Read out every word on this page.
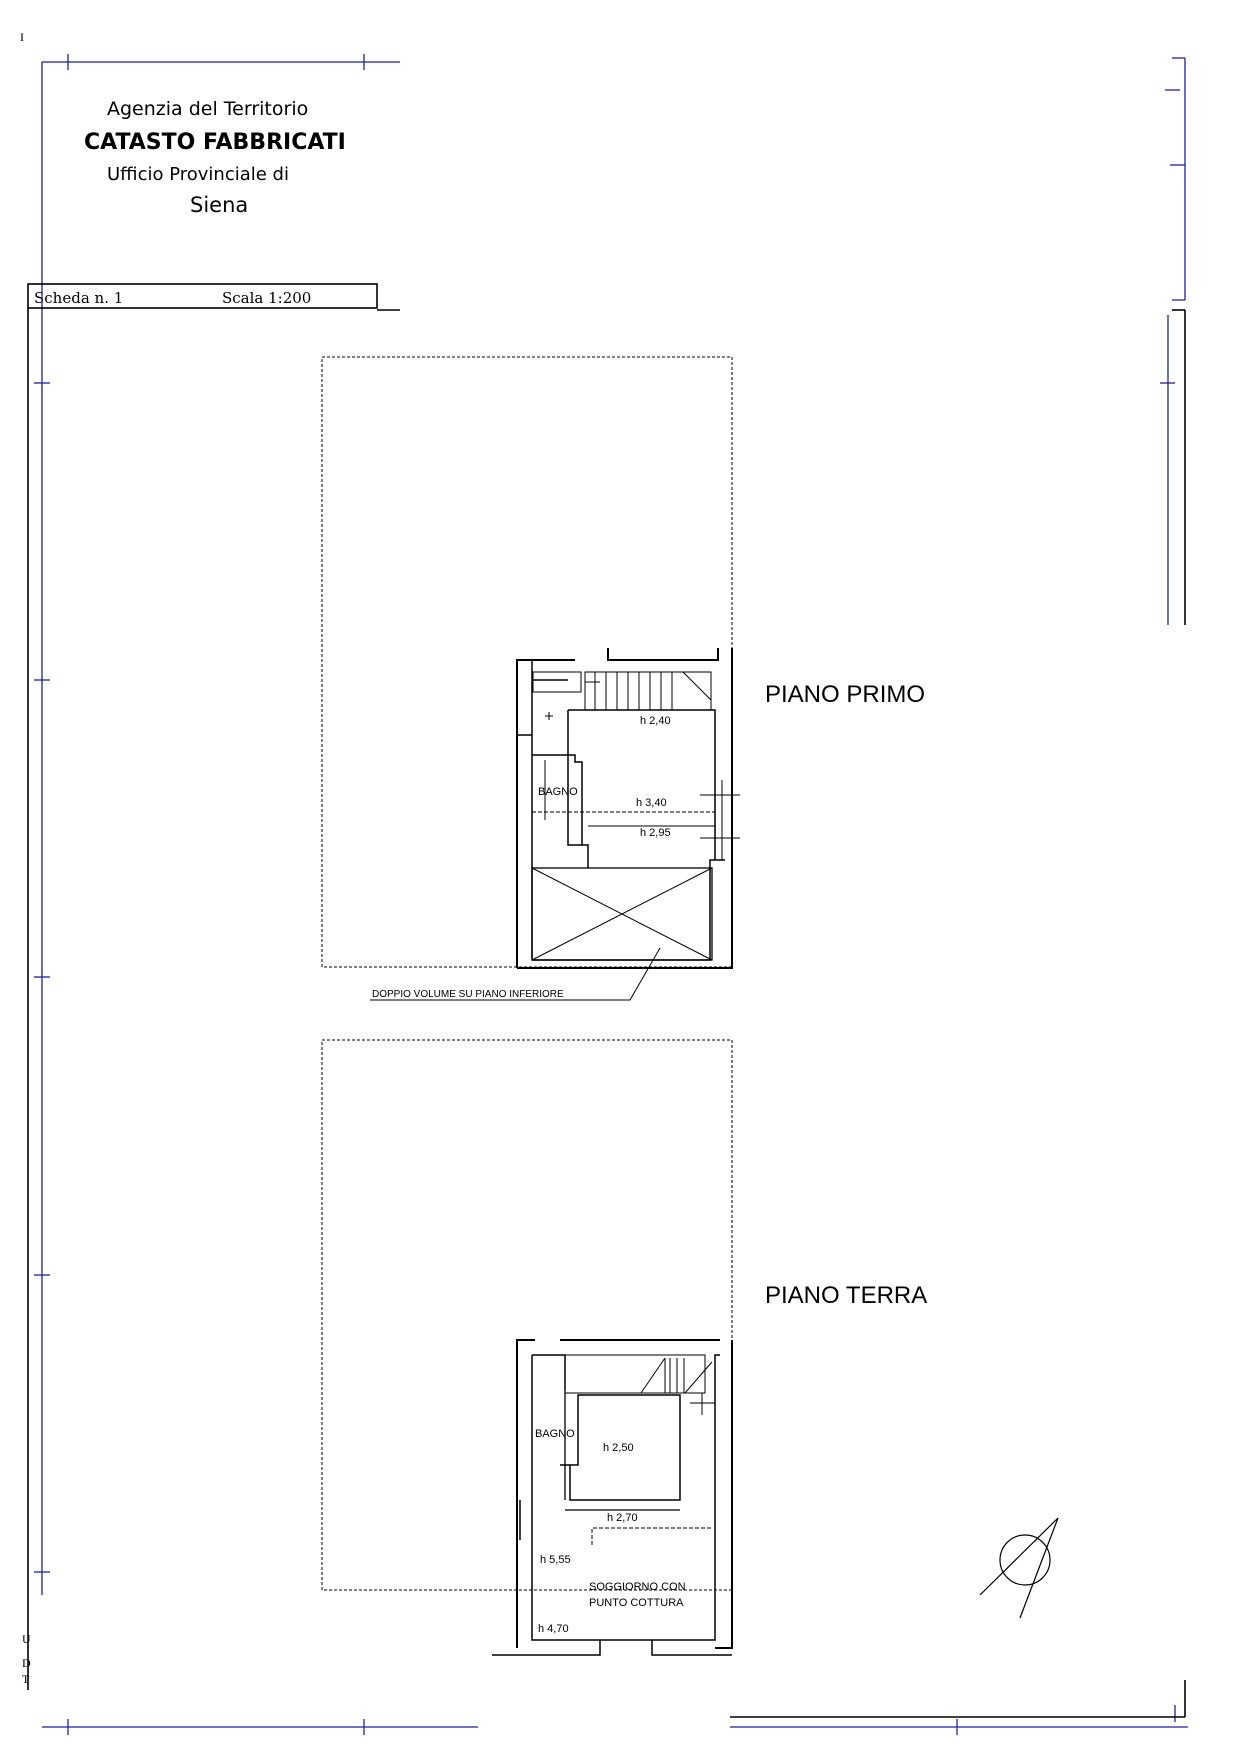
Agenzia del Territorio
CATASTO FABBRICATI
Ufficio Provinciale di
Siena
Scheda n. 1	Scala 1:200
I
U
D
T
PIANO PRIMO
BAGNO
h 2,40
h 3,40
h 2,95
DOPPIO VOLUME SU PIANO INFERIORE
PIANO TERRA
BAGNO
h 2,50
h 2,70
h 5,55
SOGGIORNO CON
PUNTO COTTURA
h 4,70
